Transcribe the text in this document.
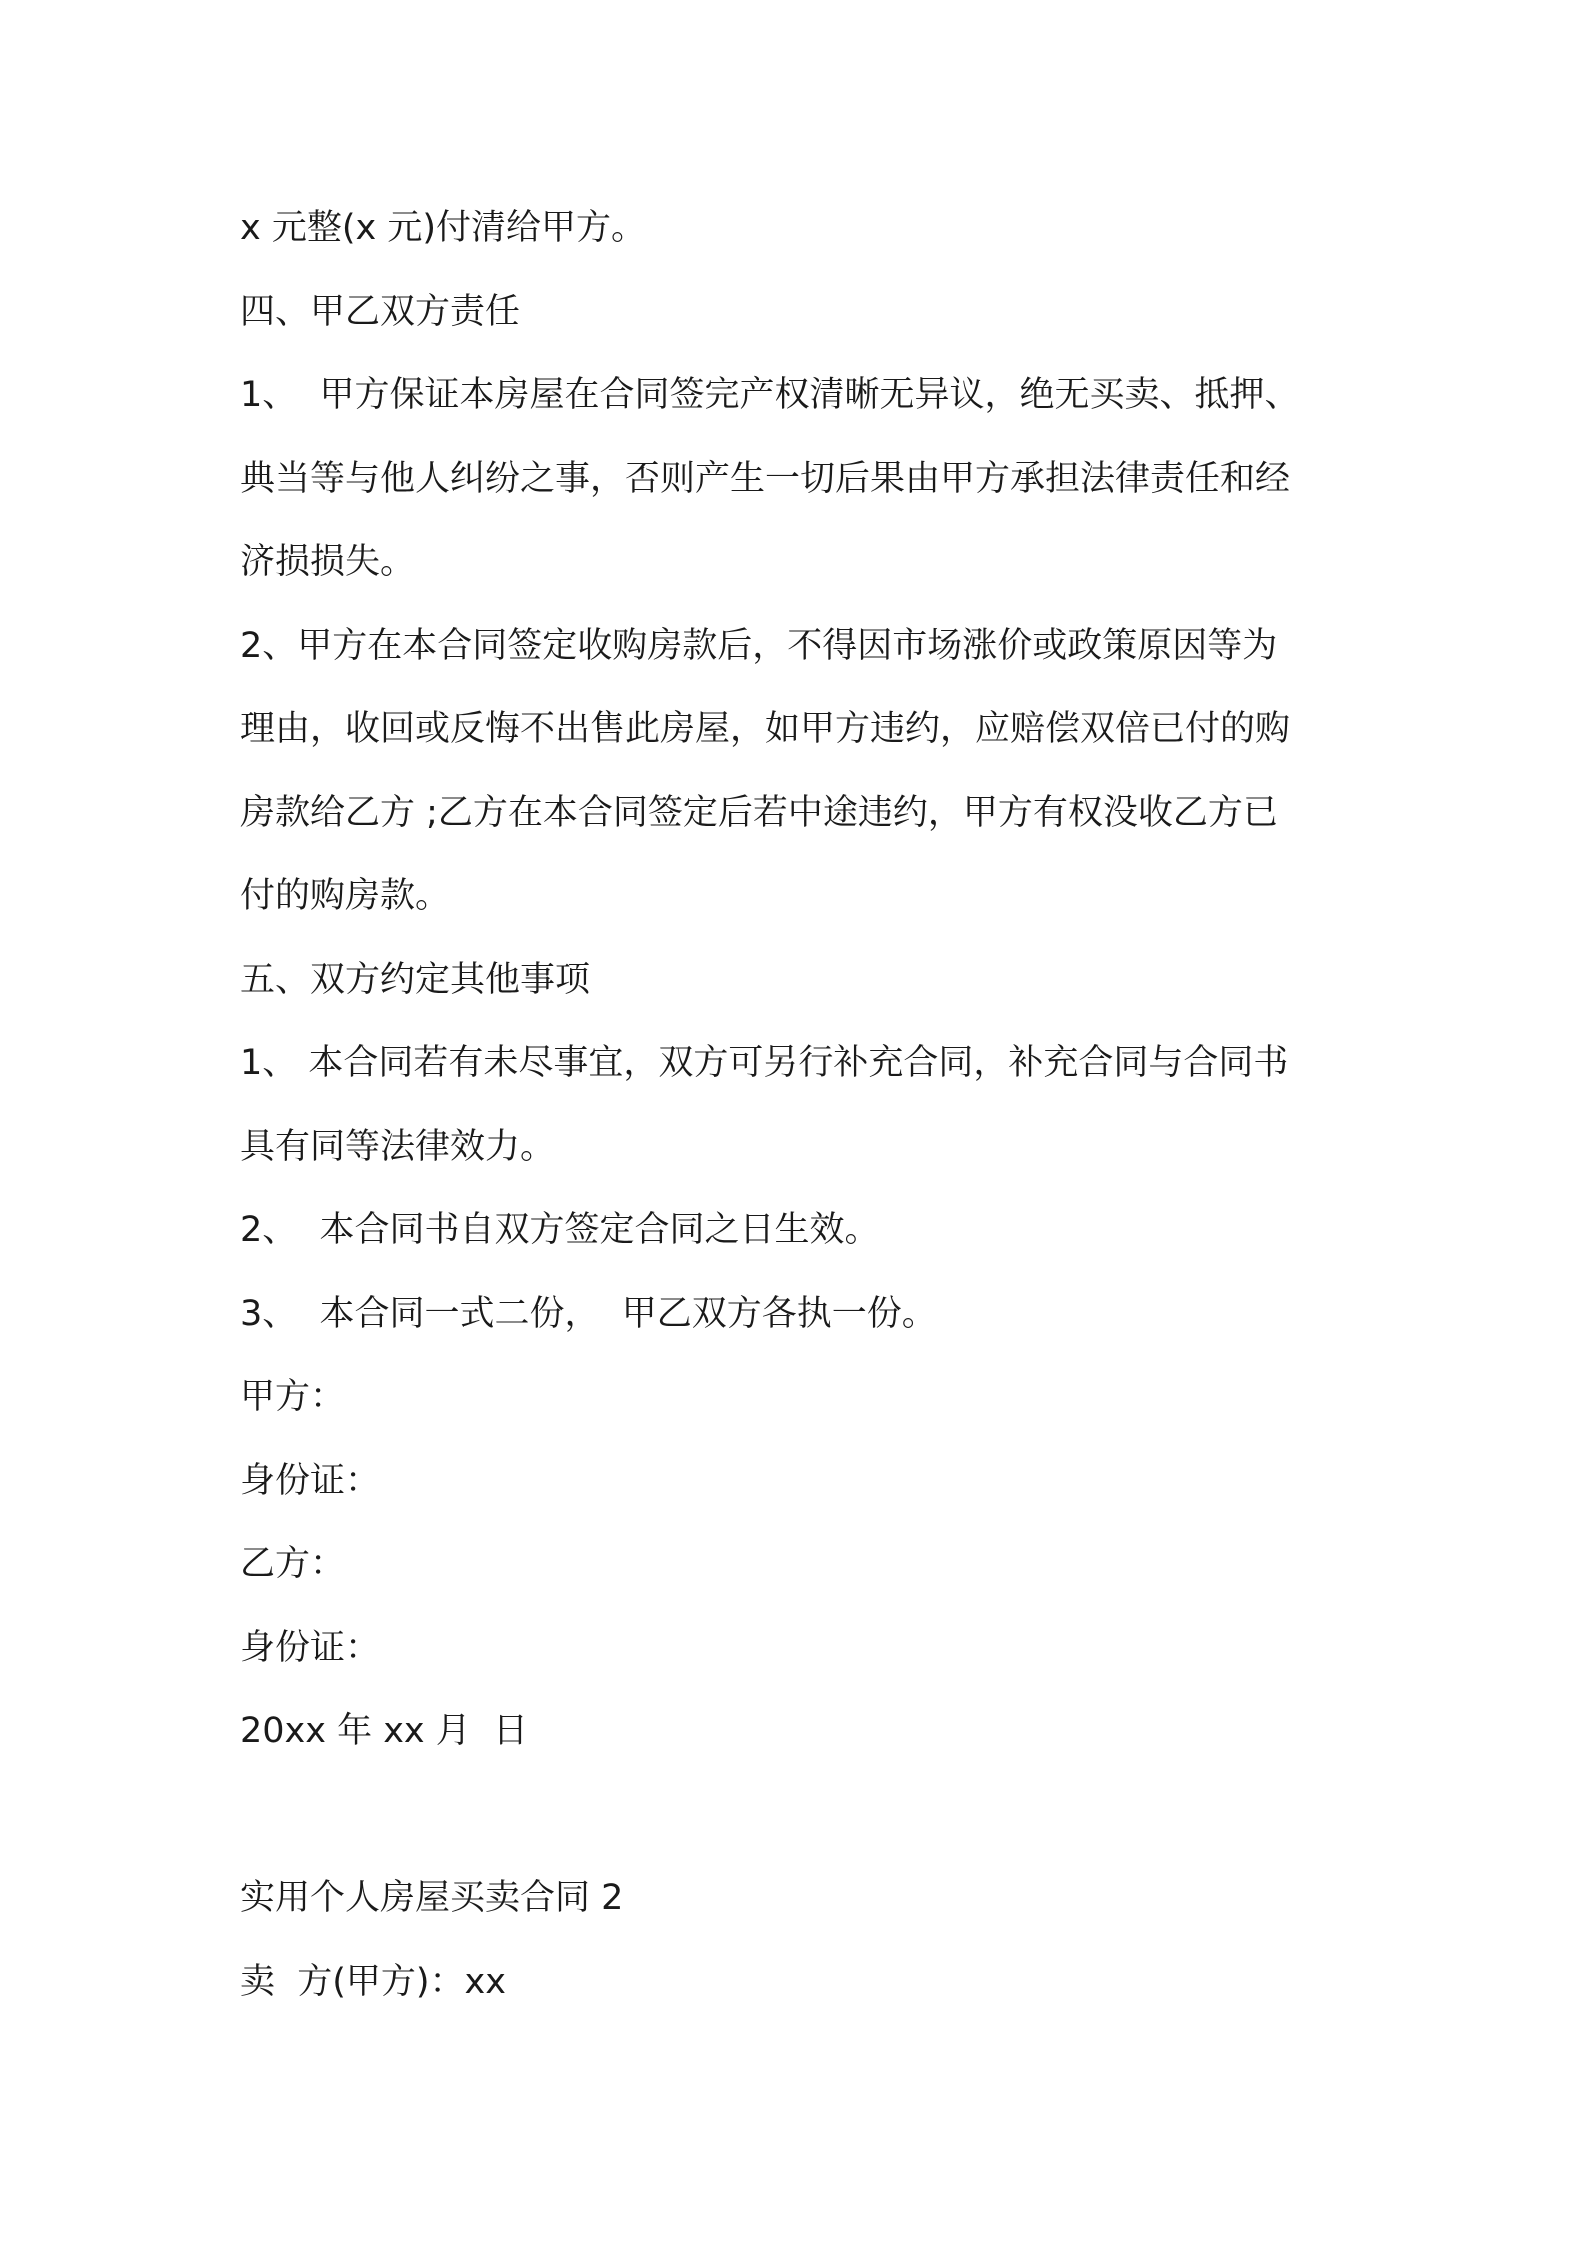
x 元整(x 元)付清给甲方。

四、甲乙双方责任

1、  甲方保证本房屋在合同签完产权清晰无异议，绝无买卖、抵押、

典当等与他人纠纷之事，否则产生一切后果由甲方承担法律责任和经

济损损失。

2、甲方在本合同签定收购房款后，不得因市场涨价或政策原因等为

理由，收回或反悔不出售此房屋，如甲方违约，应赔偿双倍已付的购

房款给乙方 ;乙方在本合同签定后若中途违约，甲方有权没收乙方已

付的购房款。

五、双方约定其他事项

1、 本合同若有未尽事宜，双方可另行补充合同，补充合同与合同书

具有同等法律效力。

2、  本合同书自双方签定合同之日生效。

3、  本合同一式二份，  甲乙双方各执一份。

甲方：

身份证：

乙方：

身份证：

20xx 年 xx 月  日

实用个人房屋买卖合同 2

卖  方(甲方)：xx
